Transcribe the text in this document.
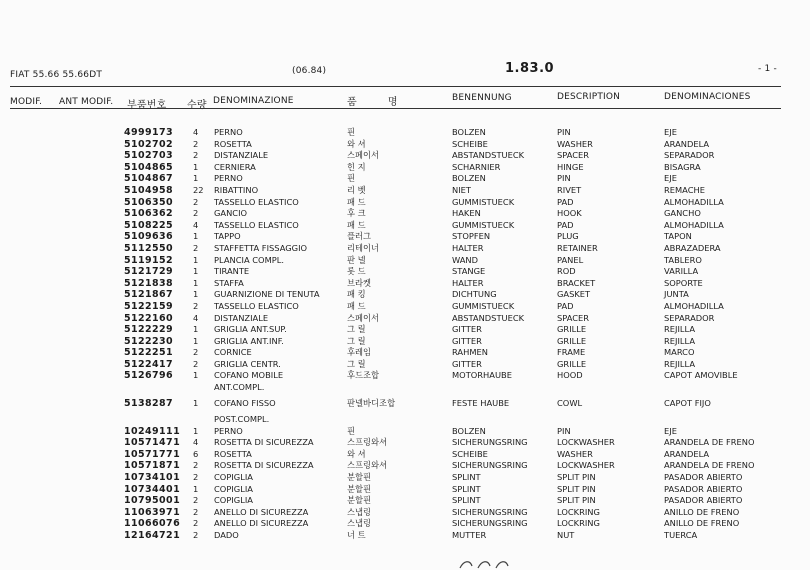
FIAT 55.66 55.66DT	(06.84)	1.83.0	- 1 -
MODIF. ANT MODIF. 부품번호 수량 DENOMINAZIONE	품 명	BENENNUNG	DESCRIPTION	DENOMINACIONES
4999173 4 PERNO	핀	BOLZEN	PIN	EJE
5102702 2 ROSETTA	와 셔	SCHEIBE	WASHER	ARANDELA
5102703 2 DISTANZIALE	스페이서	ABSTANDSTUECK	SPACER	SEPARADOR
5104865 1 CERNIERA	힌 지	SCHARNIER	HINGE	BISAGRA
5104867 1 PERNO	핀	BOLZEN	PIN	EJE
5104958 22 RIBATTINO	리 벳	NIET	RIVET	REMACHE
5106350 2 TASSELLO ELASTICO	패 드	GUMMISTUECK	PAD	ALMOHADILLA
5106362 2 GANCIO	후 크	HAKEN	HOOK	GANCHO
5108225 4 TASSELLO ELASTICO	패 드	GUMMISTUECK	PAD	ALMOHADILLA
5109636 1 TAPPO	플러그	STOPFEN	PLUG	TAPON
5112550 2 STAFFETTA FISSAGGIO	리테이너	HALTER	RETAINER	ABRAZADERA
5119152 1 PLANCIA COMPL.	판 넬	WAND	PANEL	TABLERO
5121729 1 TIRANTE	롯 드	STANGE	ROD	VARILLA
5121838 1 STAFFA	브라켓	HALTER	BRACKET	SOPORTE
5121867 1 GUARNIZIONE DI TENUTA	패 킹	DICHTUNG	GASKET	JUNTA
5122159 2 TASSELLO ELASTICO	패 드	GUMMISTUECK	PAD	ALMOHADILLA
5122160 4 DISTANZIALE	스페이서	ABSTANDSTUECK	SPACER	SEPARADOR
5122229 1 GRIGLIA ANT.SUP.	그 릴	GITTER	GRILLE	REJILLA
5122230 1 GRIGLIA ANT.INF.	그 릴	GITTER	GRILLE	REJILLA
5122251 2 CORNICE	후레임	RAHMEN	FRAME	MARCO
5122417 2 GRIGLIA CENTR.	그 릴	GITTER	GRILLE	REJILLA
5126796 1 COFANO MOBILE	후드조합	MOTORHAUBE	HOOD	CAPOT AMOVIBLE
ANT.COMPL.
5138287 1 COFANO FISSO	판넬바디조합	FESTE HAUBE	COWL	CAPOT FIJO
POST.COMPL.
10249111 1 PERNO	핀	BOLZEN	PIN	EJE
10571471 4 ROSETTA DI SICUREZZA	스프링와셔	SICHERUNGSRING	LOCKWASHER	ARANDELA DE FRENO
10571771 6 ROSETTA	와 셔	SCHEIBE	WASHER	ARANDELA
10571871 2 ROSETTA DI SICUREZZA	스프링와셔	SICHERUNGSRING	LOCKWASHER	ARANDELA DE FRENO
10734101 2 COPIGLIA	분할핀	SPLINT	SPLIT PIN	PASADOR ABIERTO
10734401 1 COPIGLIA	분할핀	SPLINT	SPLIT PIN	PASADOR ABIERTO
10795001 2 COPIGLIA	분할핀	SPLINT	SPLIT PIN	PASADOR ABIERTO
11063971 2 ANELLO DI SICUREZZA	스냅링	SICHERUNGSRING	LOCKRING	ANILLO DE FRENO
11066076 2 ANELLO DI SICUREZZA	스냅링	SICHERUNGSRING	LOCKRING	ANILLO DE FRENO
12164721 2 DADO	너 트	MUTTER	NUT	TUERCA
